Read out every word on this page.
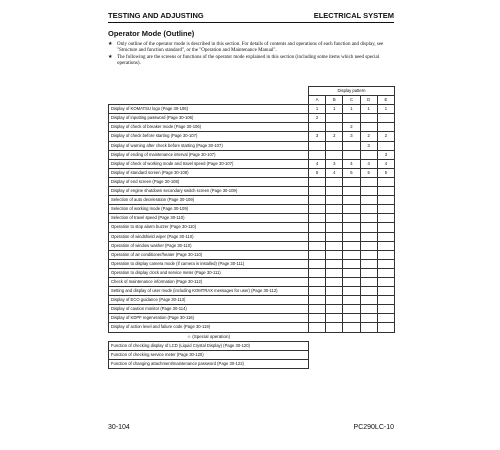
TESTING AND ADJUSTING	ELECTRICAL SYSTEM
Operator Mode (Outline)

★ Only outline of the operator mode is described in this section. For details of contents and operations of each function and display, see "Structure and function standard", or the "Operation and Maintenance Manual".

★ The following are the screens or functions of the operator mode explained in this section (including some items which need special operations).

	Display pattern				
	A	B	C	D	E
Display of KOMATSU logo (Page 30-106)	1	1	1	1	1
Display of inputting password (Page 30-106)	2				
Display of check of breaker mode (Page 30-106)			2		
Display of check before starting (Page 30-107)	3	2	3	2	2
Display of warning after check before starting (Page 30-107)				3	
Display of ending of maintenance interval (Page 30-107)					3
Display of check of working mode and travel speed (Page 30-107)	4	3	4	4	4
Display of standard screen (Page 30-108)	5	4	5	5	5
Display of end screen (Page 30-108)					
Display of engine shutdown secondary switch screen (Page 30-109)					
Selection of auto deceleration (Page 30-109)					
Selection of working mode (Page 30-109)					
Selection of travel speed (Page 30-110)					
Operation to stop alarm buzzer (Page 30-110)					
Operation of windshield wiper (Page 30-110)					
Operation of window washer (Page 30-110)					
Operation of air conditioner/heater (Page 30-110)					
Operation to display camera mode (if camera is installed) (Page 30-111)					
Operation to display clock and service meter (Page 30-111)					
Check of maintenance information (Page 30-112)					
Setting and display of user mode (including KOMTRAX messages for user) (Page 30-112)					
Display of ECO guidance (Page 30-113)					
Display of caution monitor (Page 30-114)					
Display of KDPF regeneration (Page 30-116)					
Display of action level and failure code (Page 30-119)					
☆ (Special operation)					
Function of checking display of LCD (Liquid Crystal Display) (Page 30-120)					
Function of checking service meter (Page 30-120)					
Function of changing attachment/maintenance password (Page 30-122)					
30-104	PC290LC-10
